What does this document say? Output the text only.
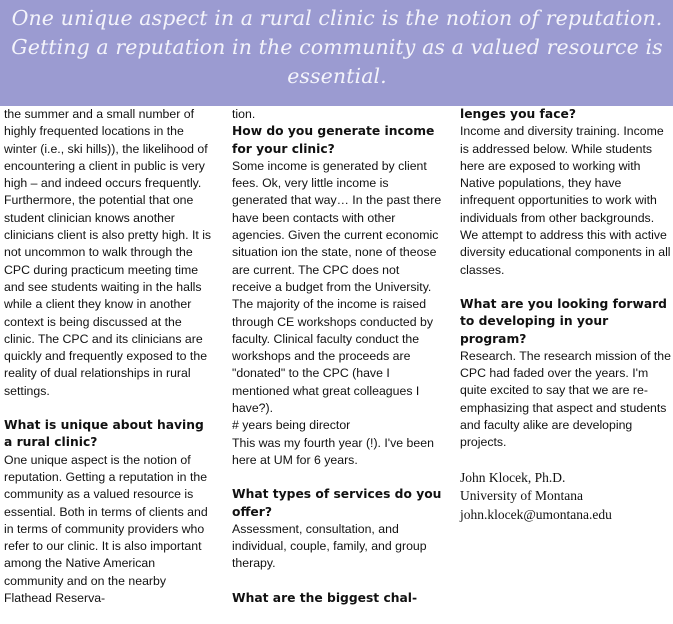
One unique aspect in a rural clinic is the notion of reputation. Getting a reputation in the community as a valued resource is essential.

the summer and a small number of highly frequented locations in the winter (i.e., ski hills)), the likelihood of encountering a client in public is very high – and indeed occurs frequently. Furthermore, the potential that one student clinician knows another clinicians client is also pretty high. It is not uncommon to walk through the CPC during practicum meeting time and see students waiting in the halls while a client they know in another context is being discussed at the clinic. The CPC and its clinicians are quickly and frequently exposed to the reality of dual relationships in rural settings.

What is unique about having a rural clinic?

One unique aspect is the notion of reputation. Getting a reputation in the community as a valued resource is essential. Both in terms of clients and in terms of community providers who refer to our clinic. It is also important among the Native American community and on the nearby Flathead Reserva-

tion.

How do you generate income for your clinic?

Some income is generated by client fees. Ok, very little income is generated that way… In the past there have been contacts with other agencies. Given the current economic situation ion the state, none of theose are current. The CPC does not receive a budget from the University. The majority of the income is raised through CE workshops conducted by faculty. Clinical faculty conduct the workshops and the proceeds are "donated" to the CPC (have I mentioned what great colleagues I have?).

# years being director

This was my fourth year (!). I've been here at UM for 6 years.

What types of services do you offer?

Assessment, consultation, and individual, couple, family, and group therapy.

What are the biggest chal-
lenges you face?

Income and diversity training. Income is addressed below. While students here are exposed to working with Native populations, they have infrequent opportunities to work with individuals from other backgrounds. We attempt to address this with active diversity educational components in all classes.

What are you looking forward to developing in your program?

Research. The research mission of the CPC had faded over the years. I'm quite excited to say that we are re-emphasizing that aspect and students and faculty alike are developing projects.

John Klocek, Ph.D.
University of Montana
john.klocek@umontana.edu
